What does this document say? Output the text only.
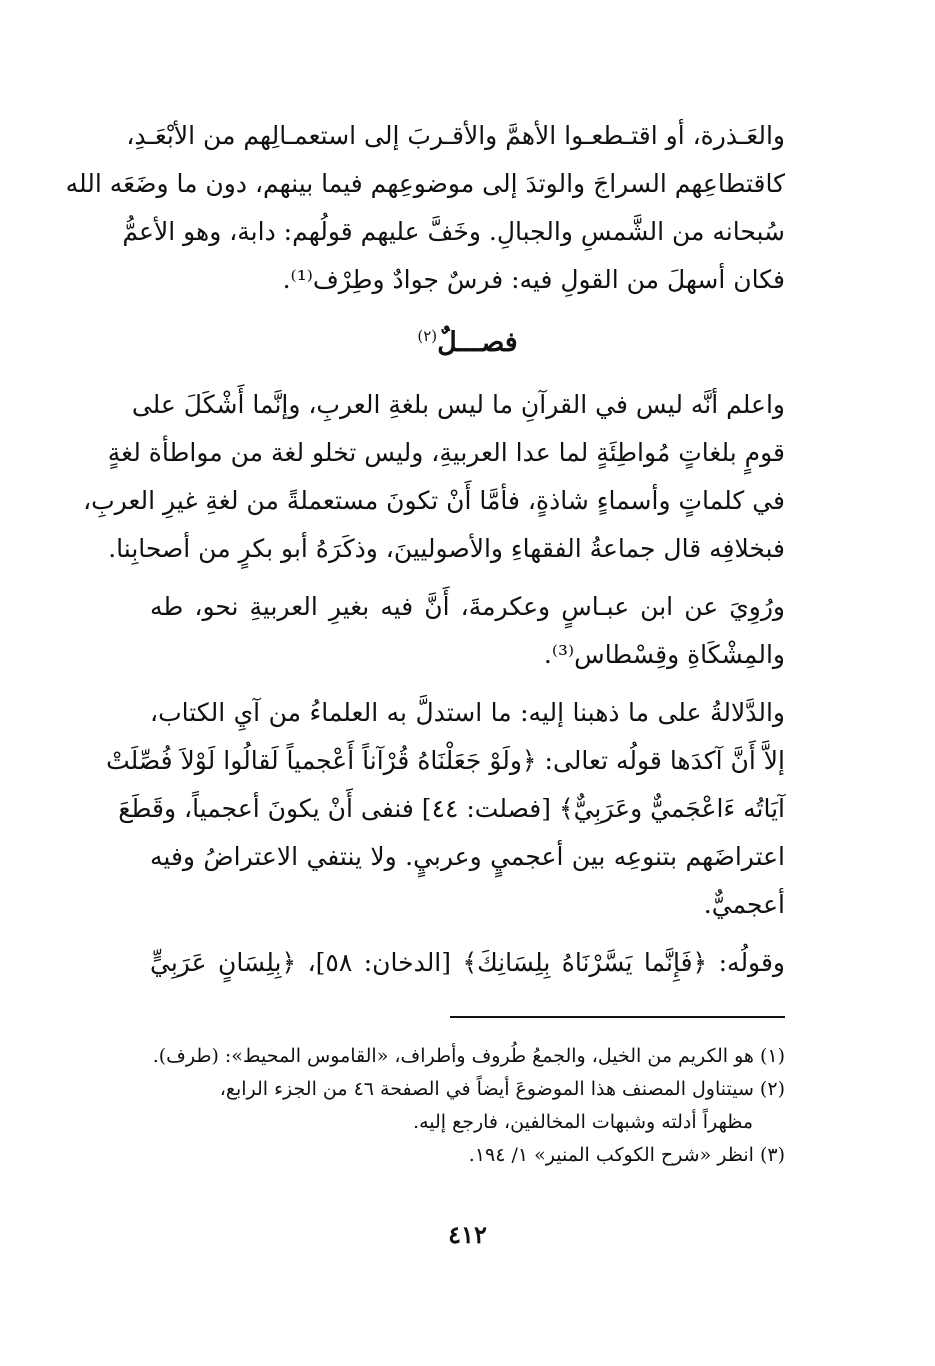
والعَـذرة، أو اقتـطعـوا الأهمَّ والأقـربَ إلى استعمـالِهم من الأبْعَـدِ،
كاقتطاعِهم السراجَ والوتدَ إلى موضوعِهم فيما بينهم، دون ما وضَعَه الله
سُبحانه من الشَّمسِ والجبالِ. وخَفَّ عليهم قولُهم: دابة، وهو الأعمُّ
فكان أسهلَ من القولِ فيه: فرسٌ جوادٌ وطِرْف⁽¹⁾.
فصـــلٌ$^{(٢)}$
واعلم أنَّه ليس في القرآنِ ما ليس بلغةِ العربِ، وإنَّما أَشْكَلَ على
قومٍ بلغاتٍ مُواطِئَةٍ لما عدا العربيةِ، وليس تخلو لغة من مواطأة لغةٍ
في كلماتٍ وأسماءٍ شاذةٍ، فأمَّا أَنْ تكونَ مستعملةً من لغةِ غيرِ العربِ،
فبخلافِه قال جماعةُ الفقهاءِ والأصوليينَ، وذكَرَهُ أبو بكرٍ من أصحابِنا.
ورُوِيَ عن ابن عبـاسٍ وعكرمةَ، أَنَّ فيه بغيرِ العربيةِ نحو، طه
والمِشْكَاةِ وقِسْطاس⁽³⁾.
والدَّلالةُ على ما ذهبنا إليه: ما استدلَّ به العلماءُ من آيِ الكتاب،
إلاَّ أَنَّ آكدَها قولُه تعالى: ﴿ولَوْ جَعَلْنَاهُ قُرْآناً أَعْجمياً لَقالُوا لَوْلاَ فُصِّلَتْ
آيَاتُه ءَاعْجَميٌّ وعَرَبِيٌّ﴾ [فصلت: ٤٤] فنفى أَنْ يكونَ أعجمياً، وقَطَعَ
اعتراضَهم بتنوعِه بين أعجميٍ وعربيٍ. ولا ينتفي الاعتراضُ وفيه
أعجميٌّ.
وقولُه: ﴿فَإِنَّما يَسَّرْنَاهُ بِلِسَانِكَ﴾ [الدخان: ٥٨]، ﴿بِلِسَانٍ عَرَبِيٍّ
(١) هو الكريم من الخيل، والجمعُ طُروف وأطراف، «القاموس المحيط»: (طرف).
(٢) سيتناول المصنف هذا الموضوعَ أيضاً في الصفحة ٤٦ من الجزء الرابع،
مظهراً أدلته وشبهات المخالفين، فارجع إليه.
(٣) انظر «شرح الكوكب المنير» ١/ ١٩٤.
٤١٢
